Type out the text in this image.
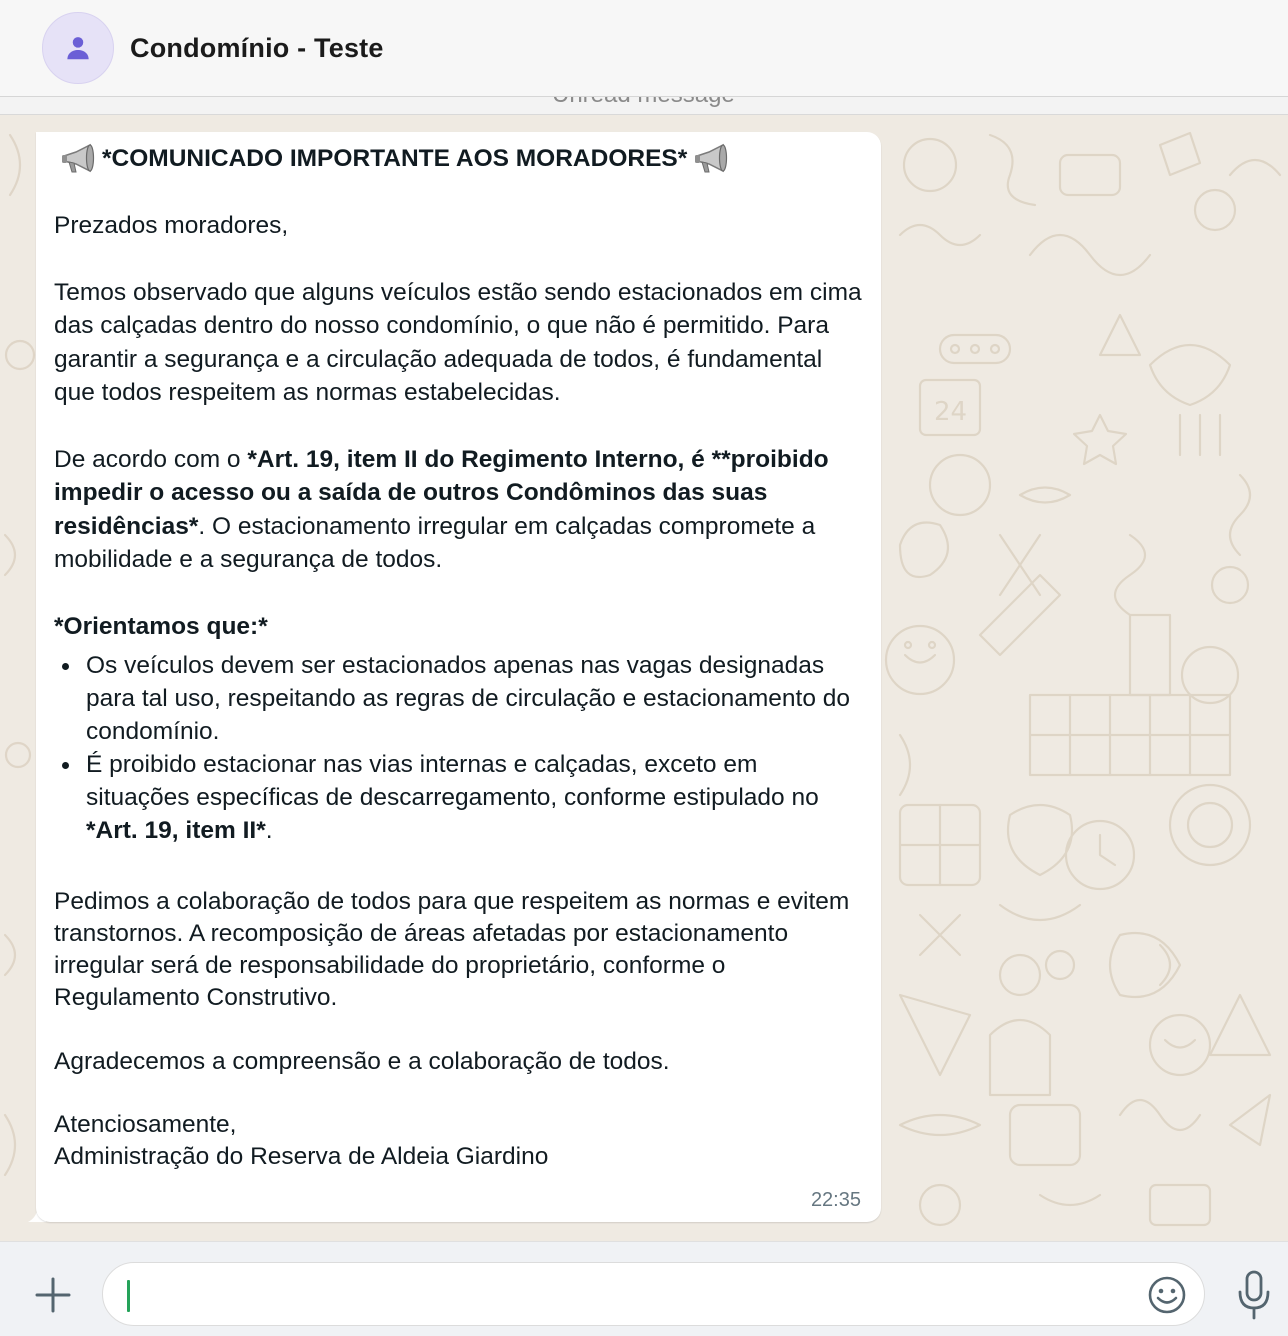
Condomínio - Teste
24

*COMUNICADO IMPORTANTE AOS MORADORES*

Prezados moradores,

Temos observado que alguns veículos estão sendo estacionados em cima das calçadas dentro do nosso condomínio, o que não é permitido. Para garantir a segurança e a circulação adequada de todos, é fundamental que todos respeitem as normas estabelecidas.

De acordo com o *Art. 19, item II do Regimento Interno, é **proibido impedir o acesso ou a saída de outros Condôminos das suas residências*. O estacionamento irregular em calçadas compromete a mobilidade e a segurança de todos.

*Orientamos que:*

Os veículos devem ser estacionados apenas nas vagas designadas para tal uso, respeitando as regras de circulação e estacionamento do condomínio.
É proibido estacionar nas vias internas e calçadas, exceto em situações específicas de descarregamento, conforme estipulado no *Art. 19, item II*.

Pedimos a colaboração de todos para que respeitem as normas e evitem transtornos. A recomposição de áreas afetadas por estacionamento irregular será de responsabilidade do proprietário, conforme o Regulamento Construtivo.

Agradecemos a compreensão e a colaboração de todos.

Atenciosamente,

Administração do Reserva de Aldeia Giardino

22:35
